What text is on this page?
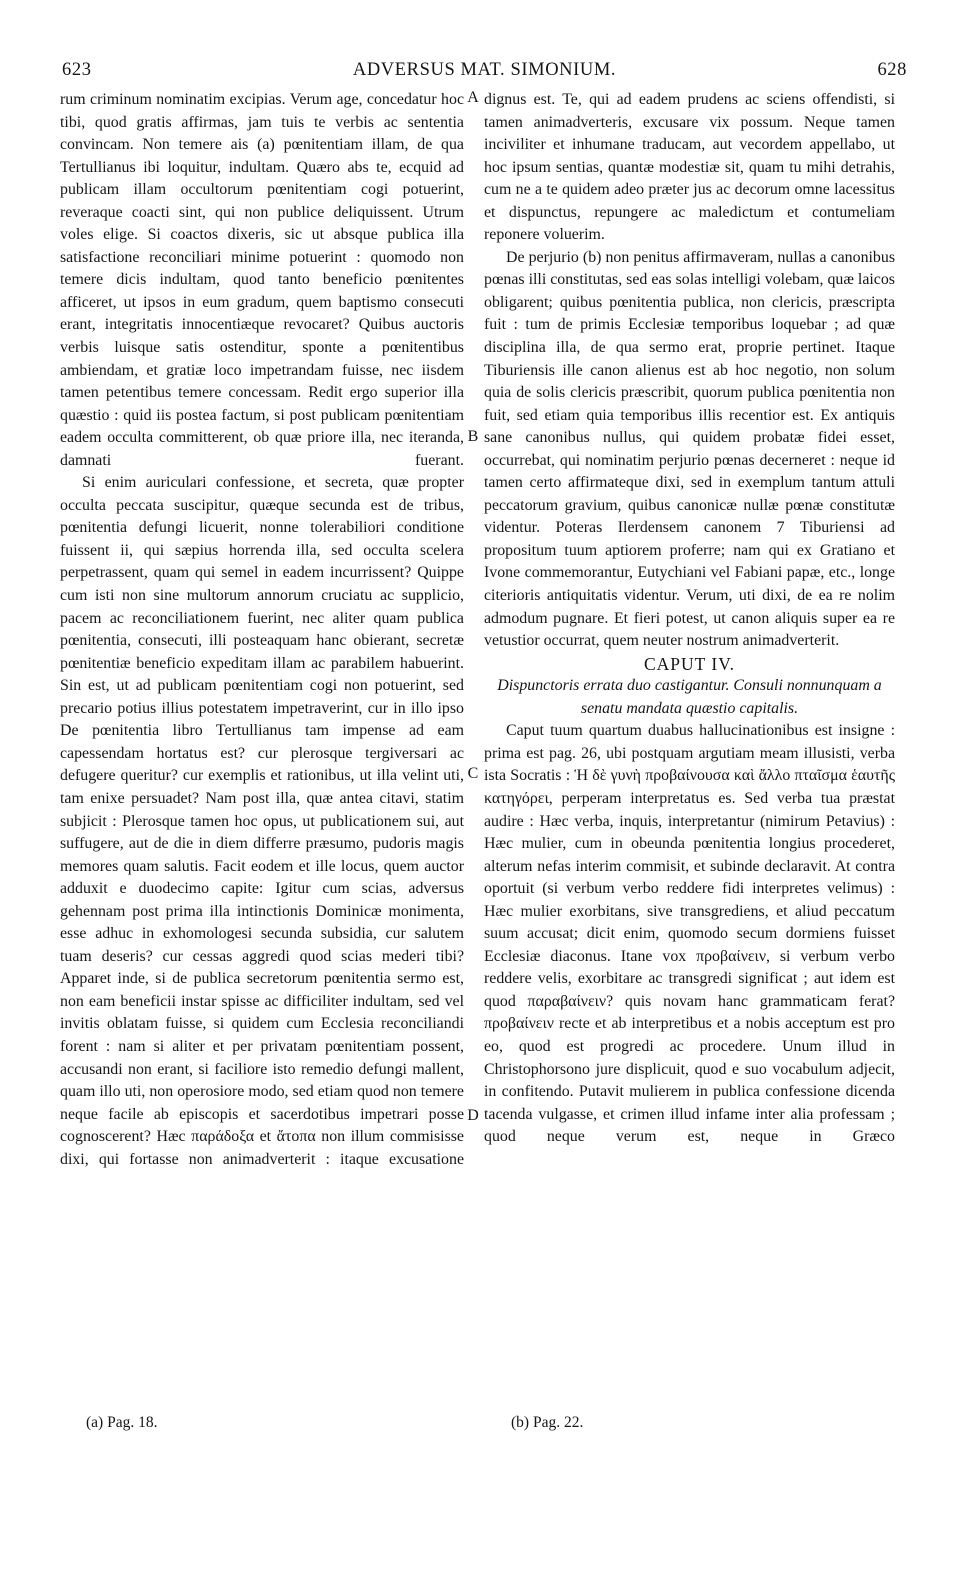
623	ADVERSUS MAT. SIMONIUM.	628

rum criminum nominatim excipias. Verum age, concedatur hoc tibi, quod gratis affirmas, jam tuis te verbis ac sententia convincam. Non temere ais (a) pœnitentiam illam, de qua Tertullianus ibi loquitur, indultam. Quæro abs te, ecquid ad publicam illam occultorum pœnitentiam cogi potuerint, reveraque coacti sint, qui non publice deliquissent. Utrum voles elige. Si coactos dixeris, sic ut absque publica illa satisfactione reconciliari minime potuerint : quomodo non temere dicis indultam, quod tanto beneficio pœnitentes afficeret, ut ipsos in eum gradum, quem baptismo consecuti erant, integritatis innocentiæque revocaret? Quibus auctoris verbis luisque satis ostenditur, sponte a pœnitentibus ambiendam, et gratiæ loco impetrandam fuisse, nec iisdem tamen petentibus temere concessam. Redit ergo superior illa quæstio : quid iis postea factum, si post publicam pœnitentiam eadem occulta committerent, ob quæ priore illa, nec iteranda, damnati fuerant.

Si enim auriculari confessione, et secreta, quæ propter occulta peccata suscipitur, quæque secunda est de tribus, pœnitentia defungi licuerit, nonne tolerabiliori conditione fuissent ii, qui sæpius horrenda illa, sed occulta scelera perpetrassent, quam qui semel in eadem incurrissent? Quippe cum isti non sine multorum annorum cruciatu ac supplicio, pacem ac reconciliationem fuerint, nec aliter quam publica pœnitentia, consecuti, illi posteaquam hanc obierant, secretæ pœnitentiæ beneficio expeditam illam ac parabilem habuerint. Sin est, ut ad publicam pœnitentiam cogi non potuerint, sed precario potius illius potestatem impetraverint, cur in illo ipso De pœnitentia libro Tertullianus tam impense ad eam capessendam hortatus est? cur plerosque tergiversari ac defugere queritur? cur exemplis et rationibus, ut illa velint uti, tam enixe persuadet? Nam post illa, quæ antea citavi, statim subjicit : Plerosque tamen hoc opus, ut publicationem sui, aut suffugere, aut de die in diem differre præsumo, pudoris magis memores quam salutis. Facit eodem et ille locus, quem auctor adduxit e duodecimo capite: Igitur cum scias, adversus gehennam post prima illa intinctionis Dominicæ monimenta, esse adhuc in exhomologesi secunda subsidia, cur salutem tuam deseris? cur cessas aggredi quod scias mederi tibi? Apparet inde, si de publica secretorum pœnitentia sermo est, non eam beneficii instar spisse ac difficiliter indultam, sed vel invitis oblatam fuisse, si quidem cum Ecclesia reconciliandi forent : nam si aliter et per privatam pœnitentiam possent, accusandi non erant, si faciliore isto remedio defungi mallent, quam illo uti, non operosiore modo, sed etiam quod non temere neque facile ab episcopis et sacerdotibus impetrari posse cognoscerent? Hæc παράδοξα et ἄτοπα non illum commisisse dixi, qui fortasse non animadverterit : itaque excusatione

A
B
C
D

dignus est. Te, qui ad eadem prudens ac sciens offendisti, si tamen animadverteris, excusare vix possum. Neque tamen inciviliter et inhumane traducam, aut vecordem appellabo, ut hoc ipsum sentias, quantæ modestiæ sit, quam tu mihi detrahis, cum ne a te quidem adeo præter jus ac decorum omne lacessitus et dispunctus, repungere ac maledictum et contumeliam reponere voluerim.

De perjurio (b) non penitus affirmaveram, nullas a canonibus pœnas illi constitutas, sed eas solas intelligi volebam, quæ laicos obligarent; quibus pœnitentia publica, non clericis, præscripta fuit : tum de primis Ecclesiæ temporibus loquebar ; ad quæ disciplina illa, de qua sermo erat, proprie pertinet. Itaque Tiburiensis ille canon alienus est ab hoc negotio, non solum quia de solis clericis præscribit, quorum publica pœnitentia non fuit, sed etiam quia temporibus illis recentior est. Ex antiquis sane canonibus nullus, qui quidem probatæ fidei esset, occurrebat, qui nominatim perjurio pœnas decerneret : neque id tamen certo affirmateque dixi, sed in exemplum tantum attuli peccatorum gravium, quibus canonicæ nullæ pœnæ constitutæ videntur. Poteras Ilerdensem canonem 7 Tiburiensi ad propositum tuum aptiorem proferre; nam qui ex Gratiano et Ivone commemorantur, Eutychiani vel Fabiani papæ, etc., longe citerioris antiquitatis videntur. Verum, uti dixi, de ea re nolim admodum pugnare. Et fieri potest, ut canon aliquis super ea re vetustior occurrat, quem neuter nostrum animadverterit.

CAPUT IV.

Dispunctoris errata duo castigantur. Consuli nonnunquam a senatu mandata quæstio capitalis.

Caput tuum quartum duabus hallucinationibus est insigne : prima est pag. 26, ubi postquam argutiam meam illusisti, verba ista Socratis : Ἡ δὲ γυνὴ προβαίνουσα καὶ ἄλλο πταῖσμα ἑαυτῆς κατηγόρει, perperam interpretatus es. Sed verba tua præstat audire : Hæc verba, inquis, interpretantur (nimirum Petavius) : Hæc mulier, cum in obeunda pœnitentia longius procederet, alterum nefas interim commisit, et subinde declaravit. At contra oportuit (si verbum verbo reddere fidi interpretes velimus) : Hæc mulier exorbitans, sive transgrediens, et aliud peccatum suum accusat; dicit enim, quomodo secum dormiens fuisset Ecclesiæ diaconus. Itane vox προβαίνειν, si verbum verbo reddere velis, exorbitare ac transgredi significat ; aut idem est quod παραβαίνειν? quis novam hanc grammaticam ferat? προβαίνειν recte et ab interpretibus et a nobis acceptum est pro eo, quod est progredi ac procedere. Unum illud in Christophorsono jure displicuit, quod e suo vocabulum adjecit, in confitendo. Putavit mulierem in publica confessione dicenda tacenda vulgasse, et crimen illud infame inter alia professam ; quod neque verum est, neque in Græco

(a) Pag. 18.	(b) Pag. 22.
